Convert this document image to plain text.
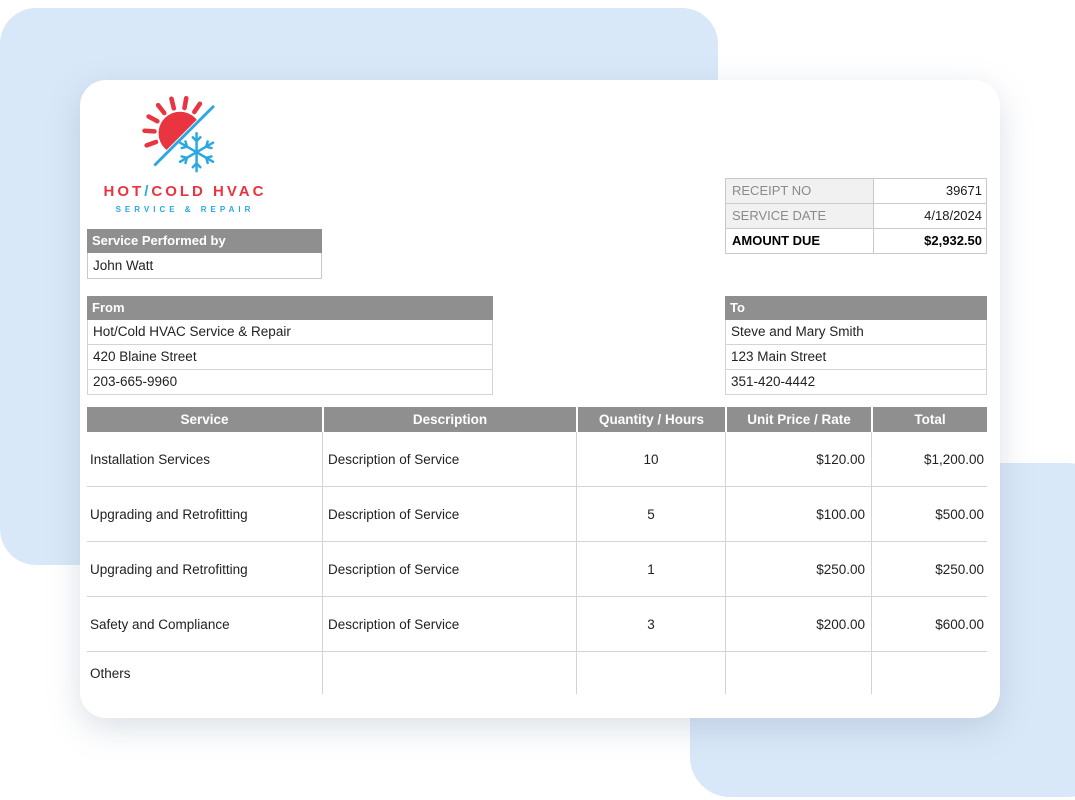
HOT/COLD HVAC
SERVICE & REPAIR
Service Performed by
John Watt
RECEIPT NO	39671
SERVICE DATE	4/18/2024
AMOUNT DUE	$2,932.50
From
Hot/Cold HVAC Service & Repair
420 Blaine Street
203-665-9960
To
Steve and Mary Smith
123 Main Street
351-420-4442
Service	Description	Quantity / Hours	Unit Price / Rate	Total
Installation Services	Description of Service	10	$120.00	$1,200.00
Upgrading and Retrofitting	Description of Service	5	$100.00	$500.00
Upgrading and Retrofitting	Description of Service	1	$250.00	$250.00
Safety and Compliance	Description of Service	3	$200.00	$600.00
Others
